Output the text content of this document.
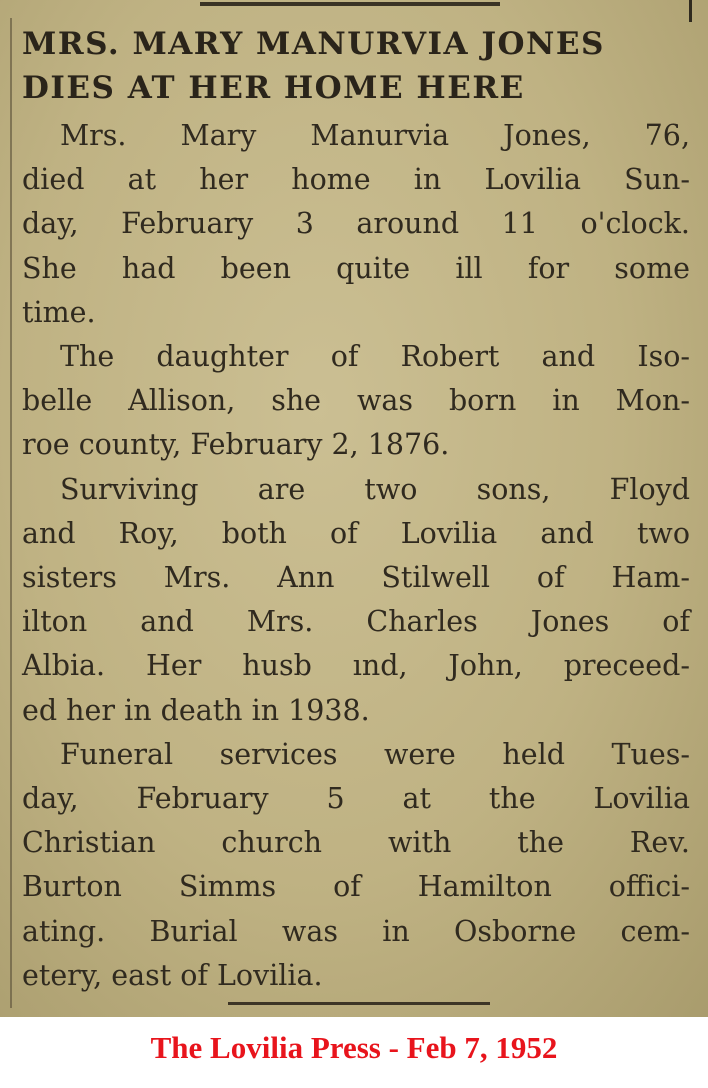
MRS. MARY MANURVIA JONES
DIES AT HER HOME HERE
Mrs. Mary Manurvia Jones, 76,
died at her home in Lovilia Sun-
day, February 3 around 11 o'clock.
She had been quite ill for some
time.
The daughter of Robert and Iso-
belle Allison, she was born in Mon-
roe county, February 2, 1876.
Surviving are two sons, Floyd
and Roy, both of Lovilia and two
sisters Mrs. Ann Stilwell of Ham-
ilton and Mrs. Charles Jones of
Albia. Her husb ınd, John, preceed-
ed her in death in 1938.
Funeral services were held Tues-
day, February 5 at the Lovilia
Christian church with the Rev.
Burton Simms of Hamilton offici-
ating. Burial was in Osborne cem-
etery, east of Lovilia.

The Lovilia Press - Feb 7, 1952
